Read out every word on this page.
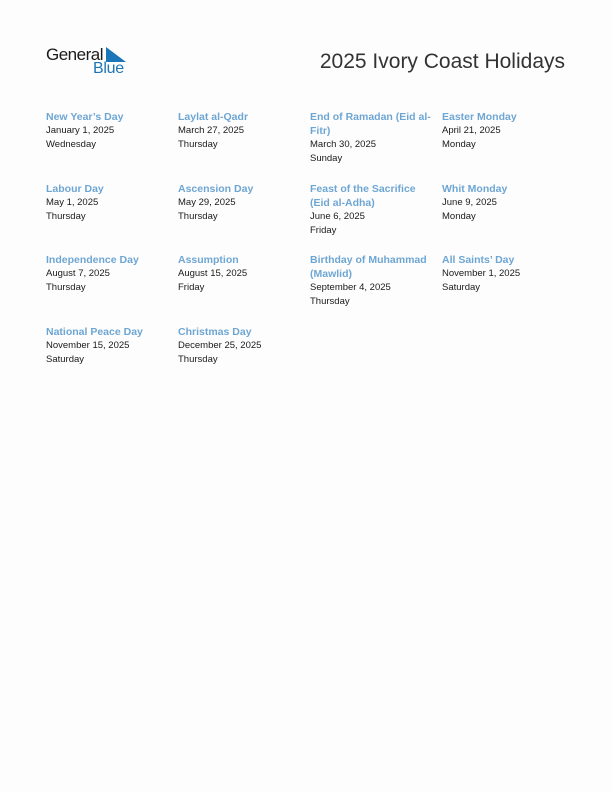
General
Blue	2025 Ivory Coast Holidays
New Year’s Day
January 1, 2025
Wednesday
Laylat al-Qadr
March 27, 2025
Thursday
End of Ramadan (Eid al-Fitr)
March 30, 2025
Sunday
Easter Monday
April 21, 2025
Monday
Labour Day
May 1, 2025
Thursday
Ascension Day
May 29, 2025
Thursday
Feast of the Sacrifice (Eid al-Adha)
June 6, 2025
Friday
Whit Monday
June 9, 2025
Monday
Independence Day
August 7, 2025
Thursday
Assumption
August 15, 2025
Friday
Birthday of Muhammad (Mawlid)
September 4, 2025
Thursday
All Saints’ Day
November 1, 2025
Saturday
National Peace Day
November 15, 2025
Saturday
Christmas Day
December 25, 2025
Thursday
